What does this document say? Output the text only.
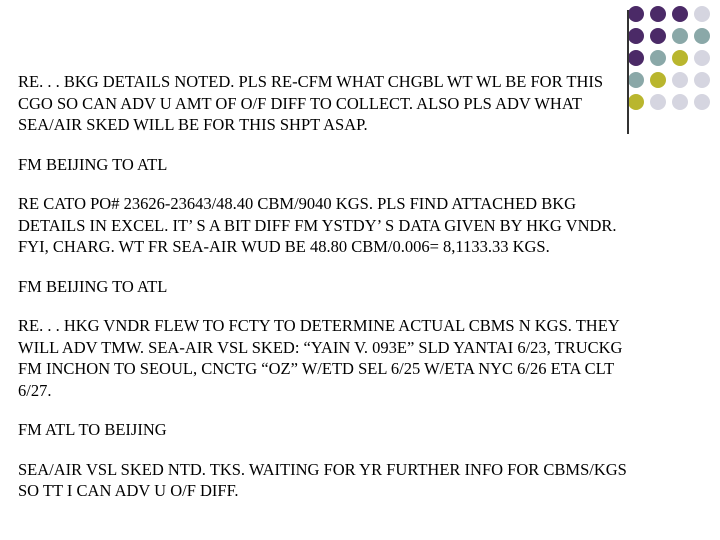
RE. . . BKG DETAILS NOTED. PLS RE-CFM WHAT CHGBL WT WL BE FOR THIS
CGO SO CAN ADV U AMT OF O/F DIFF TO COLLECT. ALSO PLS ADV WHAT
SEA/AIR SKED WILL BE FOR THIS SHPT ASAP.

FM BEIJING TO ATL

RE CATO PO# 23626-23643/48.40 CBM/9040 KGS. PLS FIND ATTACHED BKG
DETAILS IN EXCEL. IT’ S A BIT DIFF FM YSTDY’ S DATA GIVEN BY HKG VNDR.
FYI, CHARG. WT FR SEA-AIR WUD BE 48.80 CBM/0.006= 8,1133.33 KGS.

FM BEIJING TO ATL

RE. . . HKG VNDR FLEW TO FCTY TO DETERMINE ACTUAL CBMS N KGS. THEY
WILL ADV TMW. SEA-AIR VSL SKED: “YAIN V. 093E” SLD YANTAI 6/23, TRUCKG
FM INCHON TO SEOUL, CNCTG “OZ” W/ETD SEL 6/25 W/ETA NYC 6/26 ETA CLT
6/27.

FM ATL TO BEIJING

SEA/AIR VSL SKED NTD. TKS. WAITING FOR YR FURTHER INFO FOR CBMS/KGS
SO TT I CAN ADV U O/F DIFF.
